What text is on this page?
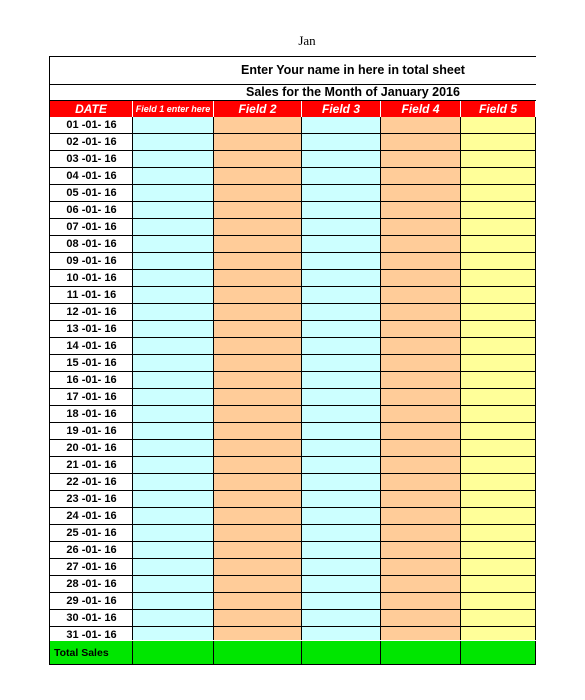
Jan
Enter Your name in here in total sheet
Sales for the Month of January 2016
DATE	Field 1 enter here	Field 2	Field 3	Field 4	Field 5
01 -01- 16
02 -01- 16
03 -01- 16
04 -01- 16
05 -01- 16
06 -01- 16
07 -01- 16
08 -01- 16
09 -01- 16
10 -01- 16
11 -01- 16
12 -01- 16
13 -01- 16
14 -01- 16
15 -01- 16
16 -01- 16
17 -01- 16
18 -01- 16
19 -01- 16
20 -01- 16
21 -01- 16
22 -01- 16
23 -01- 16
24 -01- 16
25 -01- 16
26 -01- 16
27 -01- 16
28 -01- 16
29 -01- 16
30 -01- 16
31 -01- 16
Total Sales
